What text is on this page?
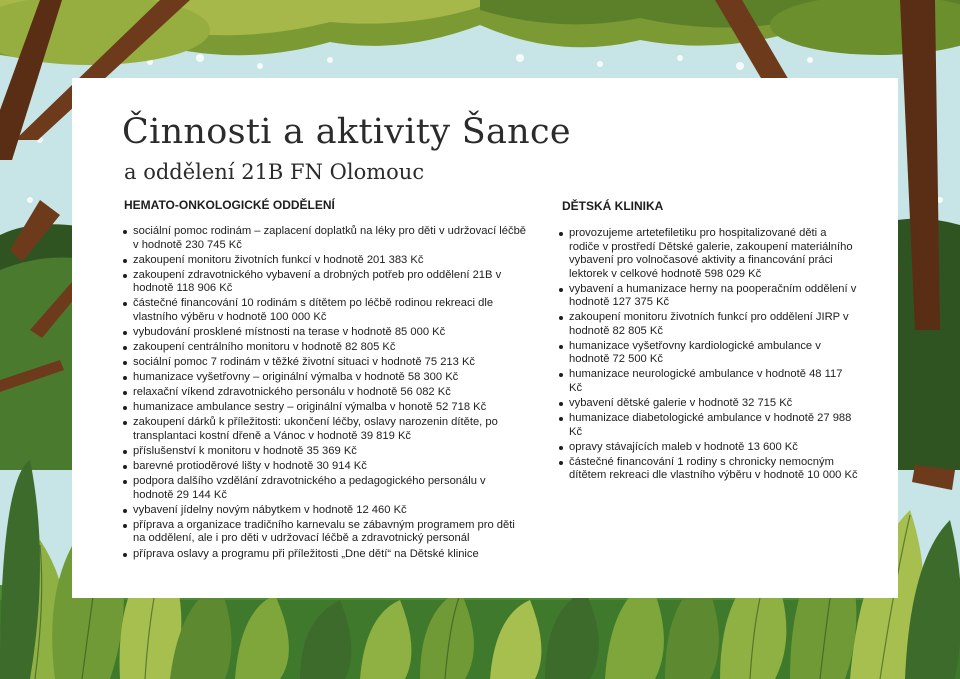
Činnosti a aktivity Šance
a oddělení 21B FN Olomouc
HEMATO-ONKOLOGICKÉ ODDĚLENÍ
sociální pomoc rodinám – zaplacení doplatků na léky pro děti v udržovací léčbě v hodnotě 230 745 Kč
zakoupení monitoru životních funkcí v hodnotě 201 383 Kč
zakoupení zdravotnického vybavení a drobných potřeb pro oddělení 21B v hodnotě 118 906 Kč
částečné financování 10 rodinám s dítětem po léčbě rodinou rekreaci dle vlastního výběru v hodnotě 100 000 Kč
vybudování prosklené místnosti na terase v hodnotě 85 000 Kč
zakoupení centrálního monitoru v hodnotě 82 805 Kč
sociální pomoc 7 rodinám v těžké životní situaci v hodnotě 75 213 Kč
humanizace vyšetřovny – originální výmalba v hodnotě 58 300 Kč
relaxační víkend zdravotnického personálu v hodnotě 56 082 Kč
humanizace ambulance sestry – originální výmalba v honotě 52 718 Kč
zakoupení dárků k příležitosti: ukončení léčby, oslavy narozenin dítěte, po transplantaci kostní dřeně a Vánoc v hodnotě 39 819 Kč
příslušenství k monitoru v hodnotě 35 369 Kč
barevné protioděrové lišty v hodnotě 30 914 Kč
podpora dalšího vzdělání zdravotnického a pedagogického personálu v hodnotě 29 144 Kč
vybavení jídelny novým nábytkem v hodnotě 12 460 Kč
příprava a organizace tradičního karnevalu se zábavným programem pro děti na oddělení, ale i pro děti v udržovací léčbě a zdravotnický personál
příprava oslavy a programu při příležitosti „Dne dětí“ na Dětské klinice
DĚTSKÁ KLINIKA
provozujeme artetefiletiku pro hospitalizované děti a rodiče v prostředí Dětské galerie, zakoupení materiálního vybavení pro volnočasové aktivity a financování práci lektorek v celkové hodnotě 598 029 Kč
vybavení a humanizace herny na pooperačním oddělení v hodnotě 127 375 Kč
zakoupení monitoru životních funkcí pro oddělení JIRP v hodnotě 82 805 Kč
humanizace vyšetřovny kardiologické ambulance v hodnotě 72 500 Kč
humanizace neurologické ambulance v hodnotě 48 117 Kč
vybavení dětské galerie v hodnotě 32 715 Kč
humanizace diabetologické ambulance v hodnotě 27 988 Kč
opravy stávajících maleb v hodnotě 13 600 Kč
částečné financování 1 rodiny s chronicky nemocným dítětem rekreaci dle vlastního výběru v hodnotě 10 000 Kč
